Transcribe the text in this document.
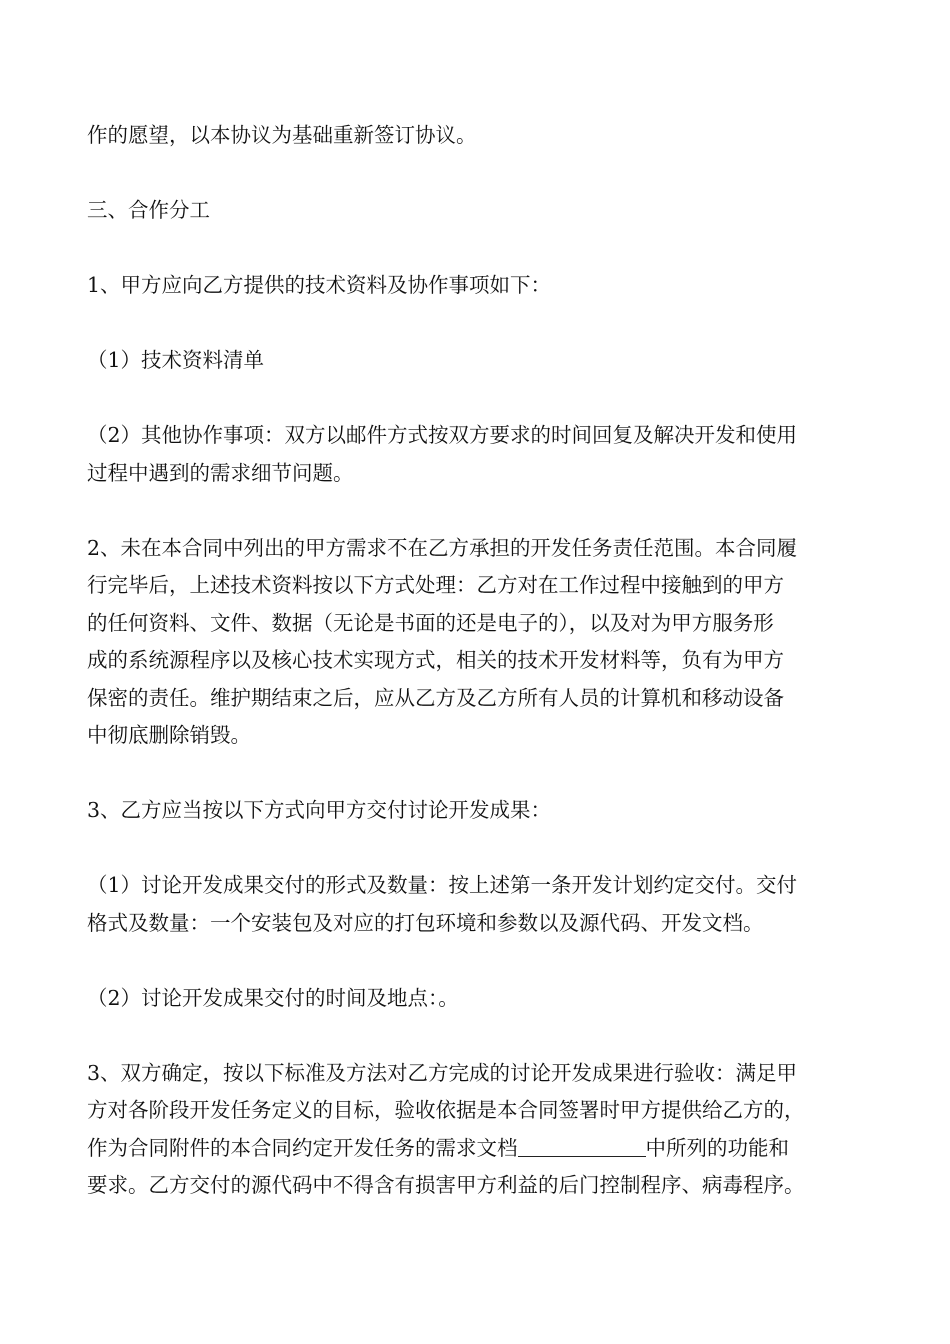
作的愿望，以本协议为基础重新签订协议。

三、合作分工

1、甲方应向乙方提供的技术资料及协作事项如下：

（1）技术资料清单

（2）其他协作事项：双方以邮件方式按双方要求的时间回复及解决开发和使用
过程中遇到的需求细节问题。

2、未在本合同中列出的甲方需求不在乙方承担的开发任务责任范围。本合同履
行完毕后，上述技术资料按以下方式处理：乙方对在工作过程中接触到的甲方
的任何资料、文件、数据（无论是书面的还是电子的），以及对为甲方服务形
成的系统源程序以及核心技术实现方式，相关的技术开发材料等，负有为甲方
保密的责任。维护期结束之后，应从乙方及乙方所有人员的计算机和移动设备
中彻底删除销毁。

3、乙方应当按以下方式向甲方交付讨论开发成果：

（1）讨论开发成果交付的形式及数量：按上述第一条开发计划约定交付。交付
格式及数量：一个安装包及对应的打包环境和参数以及源代码、开发文档。

（2）讨论开发成果交付的时间及地点：。

3、双方确定，按以下标准及方法对乙方完成的讨论开发成果进行验收：满足甲
方对各阶段开发任务定义的目标，验收依据是本合同签署时甲方提供给乙方的，
作为合同附件的本合同约定开发任务的需求文档	中所列的功能和
要求。乙方交付的源代码中不得含有损害甲方利益的后门控制程序、病毒程序。
